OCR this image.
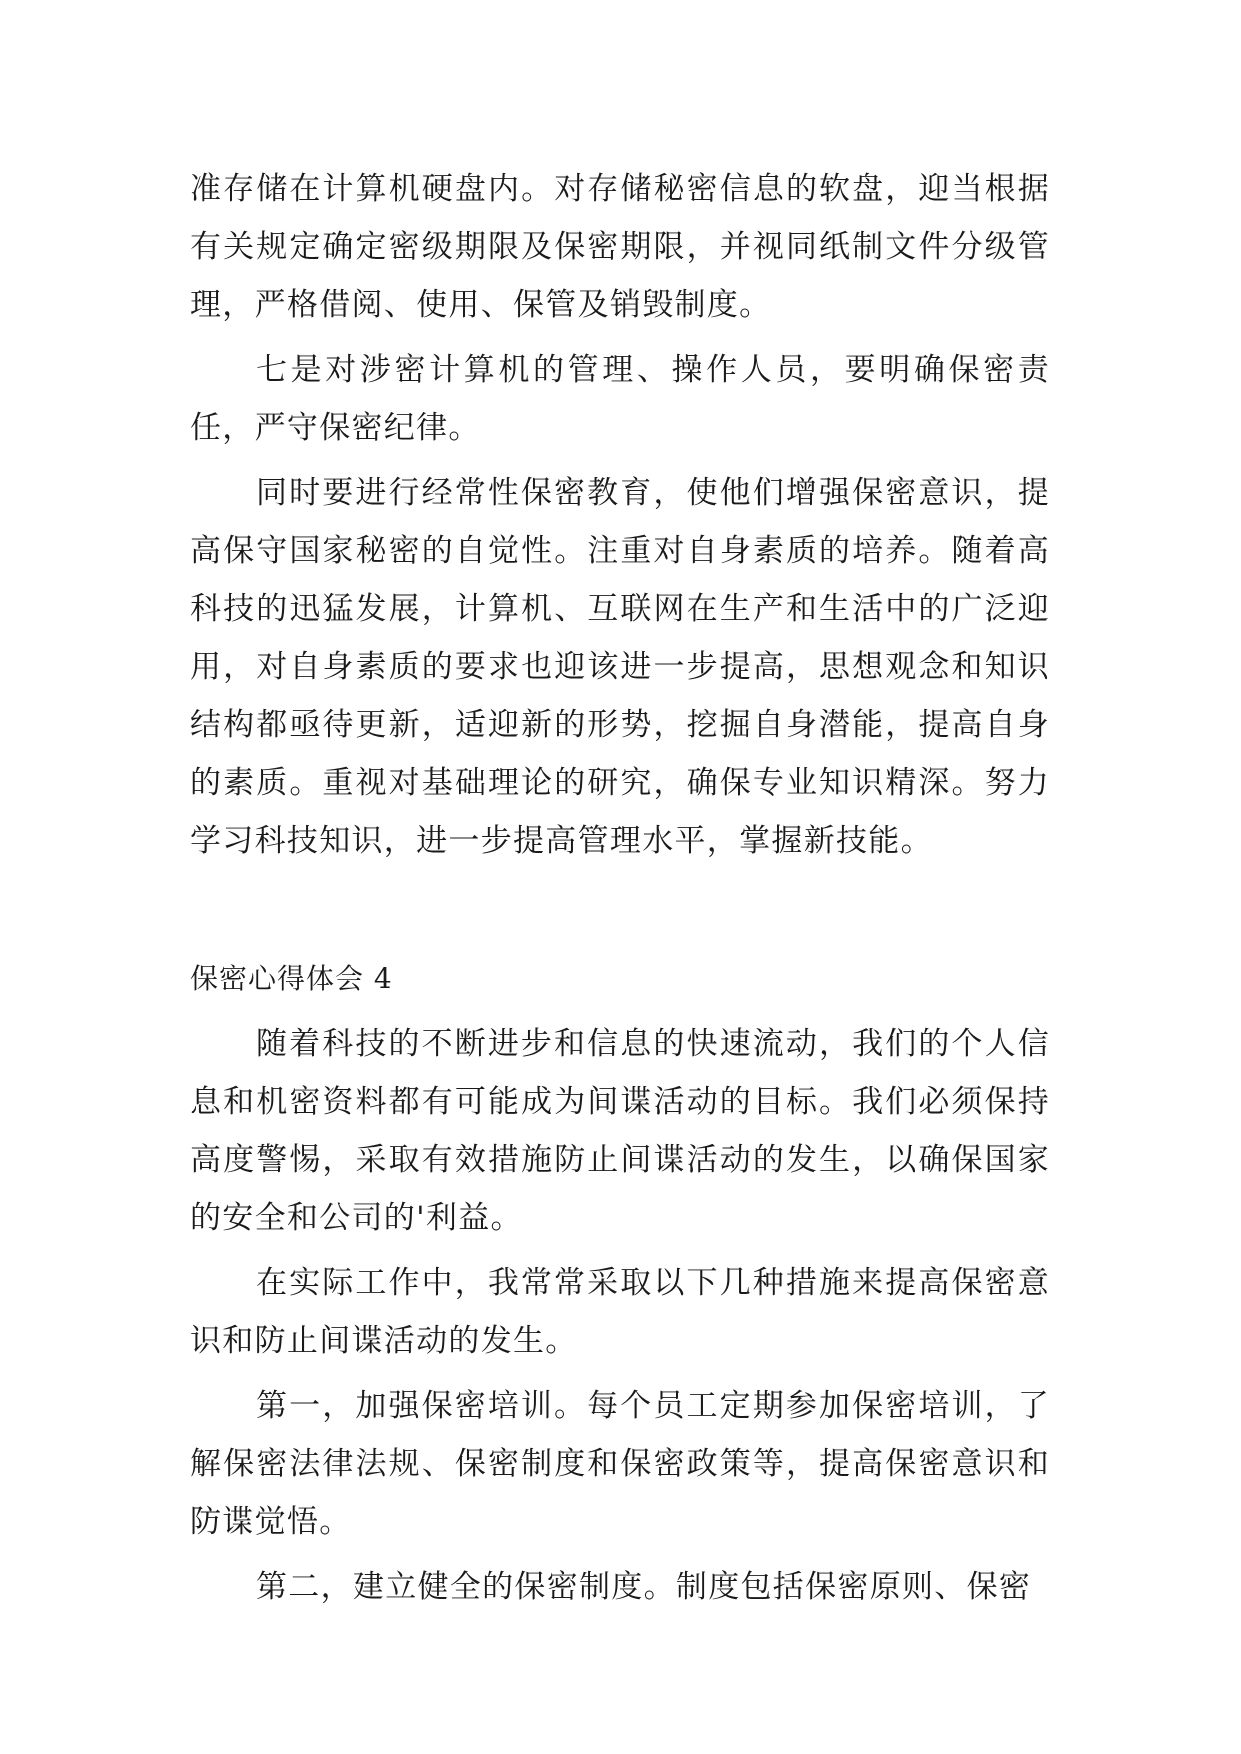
准存储在计算机硬盘内。对存储秘密信息的软盘，迎当根据有关规定确定密级期限及保密期限，并视同纸制文件分级管理，严格借阅、使用、保管及销毁制度。

七是对涉密计算机的管理、操作人员，要明确保密责任，严守保密纪律。

同时要进行经常性保密教育，使他们增强保密意识，提高保守国家秘密的自觉性。注重对自身素质的培养。随着高科技的迅猛发展，计算机、互联网在生产和生活中的广泛迎用，对自身素质的要求也迎该进一步提高，思想观念和知识结构都亟待更新，适迎新的形势，挖掘自身潜能，提高自身的素质。重视对基础理论的研究，确保专业知识精深。努力学习科技知识，进一步提高管理水平，掌握新技能。

保密心得体会 4

随着科技的不断进步和信息的快速流动，我们的个人信息和机密资料都有可能成为间谍活动的目标。我们必须保持高度警惕，采取有效措施防止间谍活动的发生，以确保国家的安全和公司的'利益。

在实际工作中，我常常采取以下几种措施来提高保密意识和防止间谍活动的发生。

第一，加强保密培训。每个员工定期参加保密培训，了解保密法律法规、保密制度和保密政策等，提高保密意识和防谍觉悟。

第二，建立健全的保密制度。制度包括保密原则、保密
